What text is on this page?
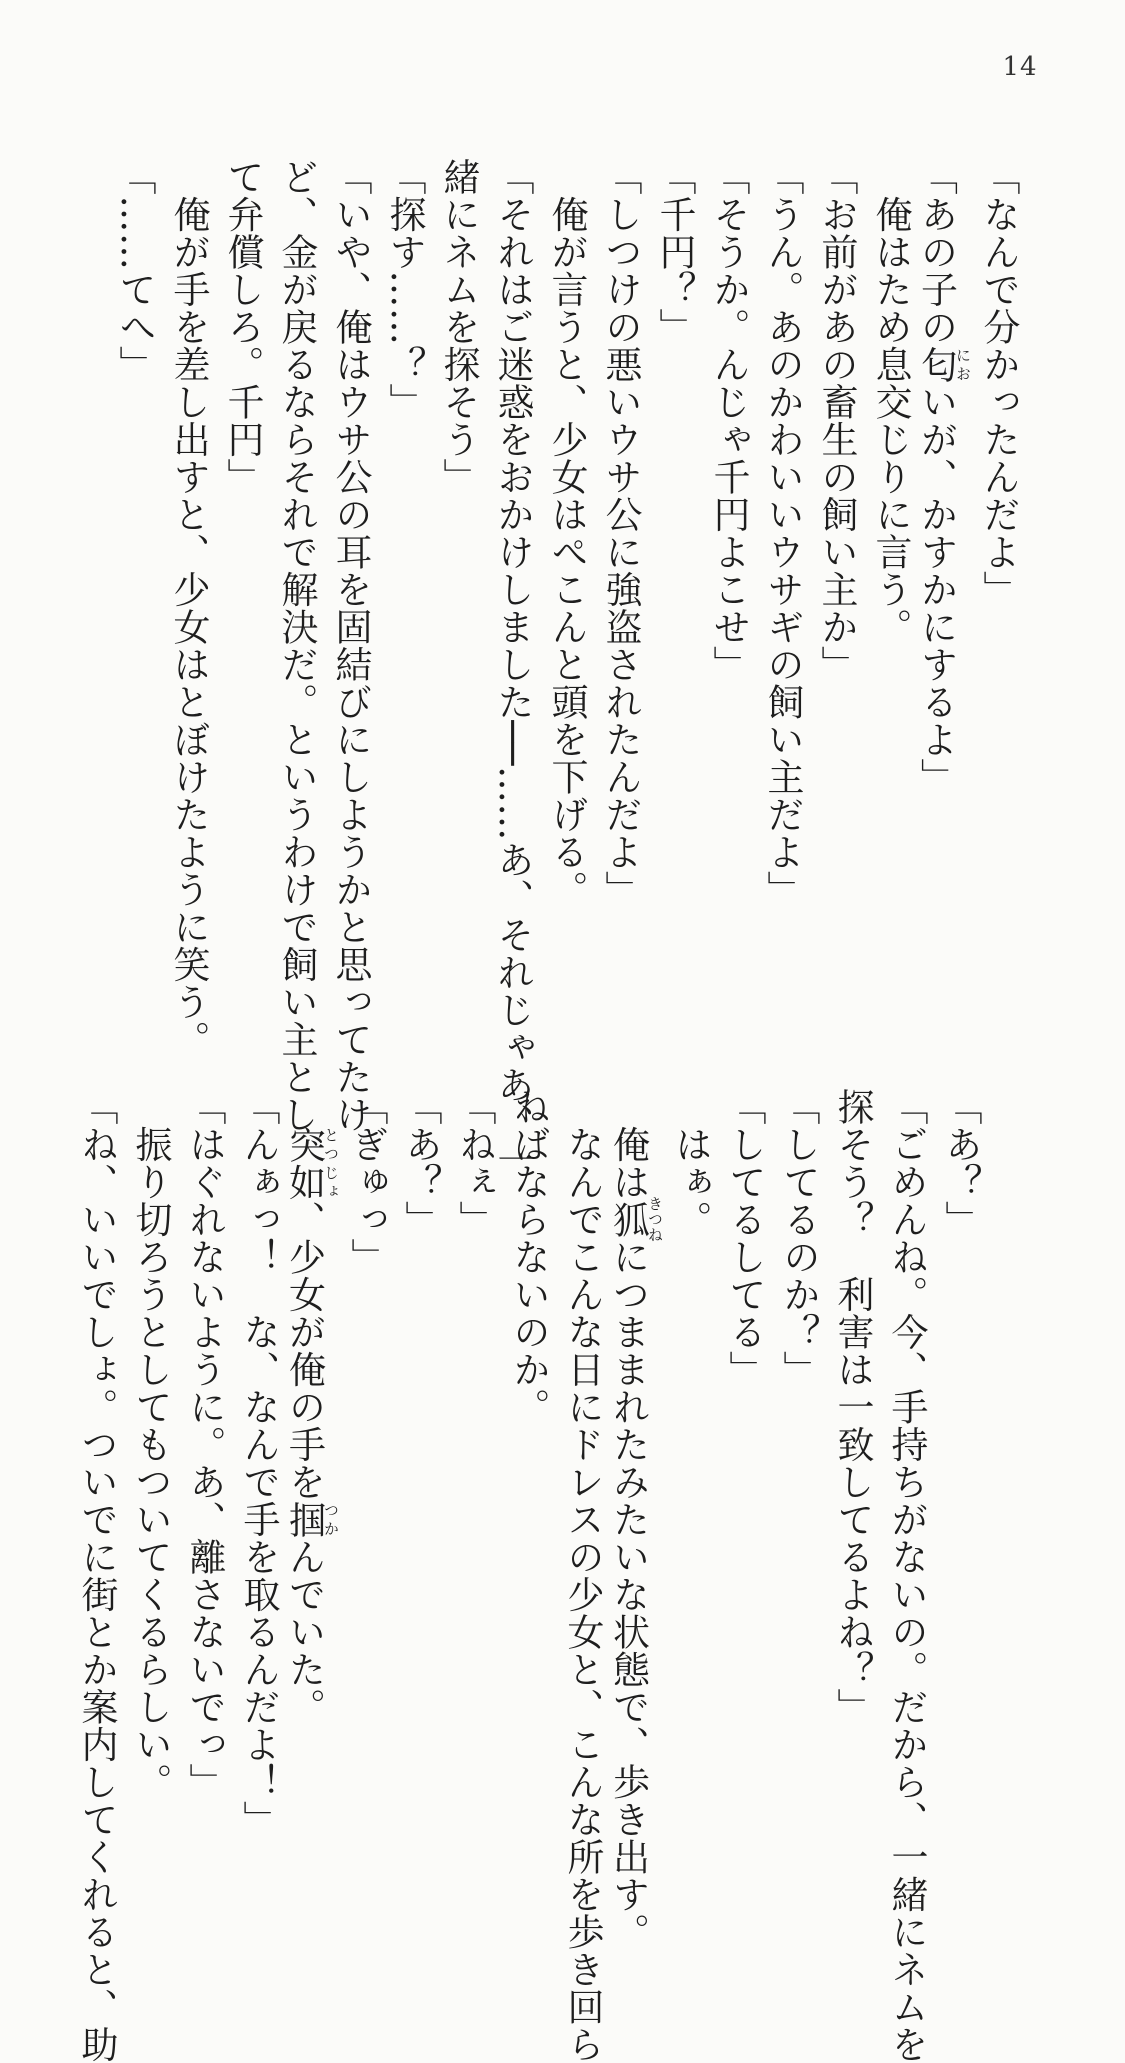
14
「なんで分かったんだよ」
「あの子の匂においが、かすかにするよ」
　俺はため息交じりに言う。
「お前があの畜生の飼い主か」
「うん。あのかわいいウサギの飼い主だよ」
「そうか。んじゃ千円よこせ」
「千円？」
「しつけの悪いウサ公に強盗されたんだよ」
　俺が言うと、少女はぺこんと頭を下げる。
「それはご迷惑をおかけしました──……あ、それじゃあ、一
緒にネムを探そう」
「探す……？」
「いや、俺はウサ公の耳を固結びにしようかと思ってたけ
ど、金が戻るならそれで解決だ。というわけで飼い主とし
て弁償しろ。千円」
　俺が手を差し出すと、少女はとぼけたように笑う。
「……てへ」
「あ？」
「ごめんね。今、手持ちがないの。だから、一緒にネムを
探そう？　利害は一致してるよね？」
「してるのか？」
「してるしてる」
　はぁ。
　俺は狐きつねにつままれたみたいな状態で、歩き出す。
　なんでこんな日にドレスの少女と、こんな所を歩き回ら
ねばならないのか。
「ねぇ」
「あ？」
「ぎゅっ」
　突如とつじょ、少女が俺の手を掴つかんでいた。
「んぁっ！　な、なんで手を取るんだよ！」
「はぐれないように。あ、離さないでっ」
　振り切ろうとしてもついてくるらしい。
「ね、いいでしょ。ついでに街とか案内してくれると、助
